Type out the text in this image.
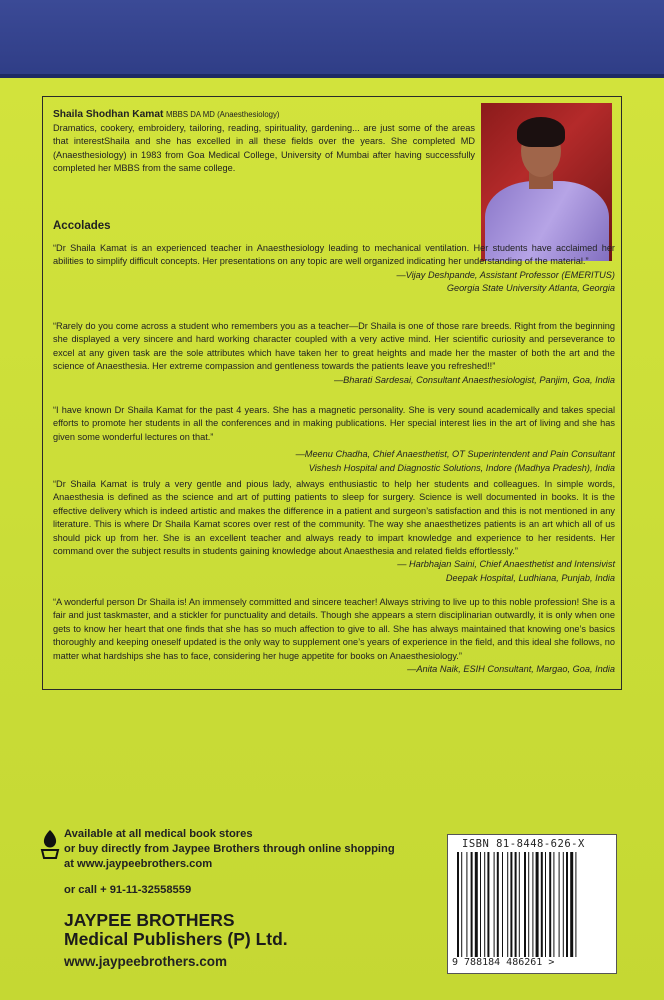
Shaila Shodhan Kamat MBBS DA MD (Anaesthesiology)
Dramatics, cookery, embroidery, tailoring, reading, spirituality, gardening... are just some of the areas that interestShaila and she has excelled in all these fields over the years. She completed MD (Anaesthesiology) in 1983 from Goa Medical College, University of Mumbai after having successfully completed her MBBS from the same college.
Accolades
“Dr Shaila Kamat is an experienced teacher in Anaesthesiology leading to mechanical ventilation. Her students have acclaimed her abilities to simplify difficult concepts. Her presentations on any topic are well organized indicating her understanding of the material.”
—Vijay Deshpande, Assistant Professor (EMERITUS)
Georgia State University Atlanta, Georgia
“Rarely do you come across a student who remembers you as a teacher—Dr Shaila is one of those rare breeds. Right from the beginning she displayed a very sincere and hard working character coupled with a very active mind. Her scientific curiosity and perseverance to excel at any given task are the sole attributes which have taken her to great heights and made her the master of both the art and the science of Anaesthesia. Her extreme compassion and gentleness towards the patients leave you refreshed!!”
—Bharati Sardesai, Consultant Anaesthesiologist, Panjim, Goa, India
“I have known Dr Shaila Kamat for the past 4 years. She has a magnetic personality. She is very sound academically and takes special efforts to promote her students in all the conferences and in making publications. Her special interest lies in the art of living and she has given some wonderful lectures on that.”
—Meenu Chadha, Chief Anaesthetist, OT Superintendent and Pain Consultant
Vishesh Hospital and Diagnostic Solutions, Indore (Madhya Pradesh), India
“Dr Shaila Kamat is truly a very gentle and pious lady, always enthusiastic to help her students and colleagues. In simple words, Anaesthesia is defined as the science and art of putting patients to sleep for surgery. Science is well documented in books. It is the effective delivery which is indeed artistic and makes the difference in a patient and surgeon’s satisfaction and this is not mentioned in any literature. This is where Dr Shaila Kamat scores over rest of the community. The way she anaesthetizes patients is an art which all of us should pick up from her. She is an excellent teacher and always ready to impart knowledge and experience to her residents. Her command over the subject results in students gaining knowledge about Anaesthesia and related fields effortlessly.”
— Harbhajan Saini, Chief Anaesthetist and Intensivist
Deepak Hospital, Ludhiana, Punjab, India
“A wonderful person Dr Shaila is! An immensely committed and sincere teacher! Always striving to live up to this noble profession! She is a fair and just taskmaster, and a stickler for punctuality and details. Though she appears a stern disciplinarian outwardly, it is only when one gets to know her heart that one finds that she has so much affection to give to all. She has always maintained that knowing one’s basics thoroughly and keeping oneself updated is the only way to supplement one’s years of experience in the field, and this ideal she follows, no matter what hardships she has to face, considering her huge appetite for books on Anaesthesiology.”
—Anita Naik, ESIH Consultant, Margao, Goa, India
Available at all medical book stores
or buy directly from Jaypee Brothers through online shopping
at www.jaypeebrothers.com
or call + 91-11-32558559
JAYPEE BROTHERS
Medical Publishers (P) Ltd.
www.jaypeebrothers.com
ISBN 81-8448-626-X
9 788184 486261 >
